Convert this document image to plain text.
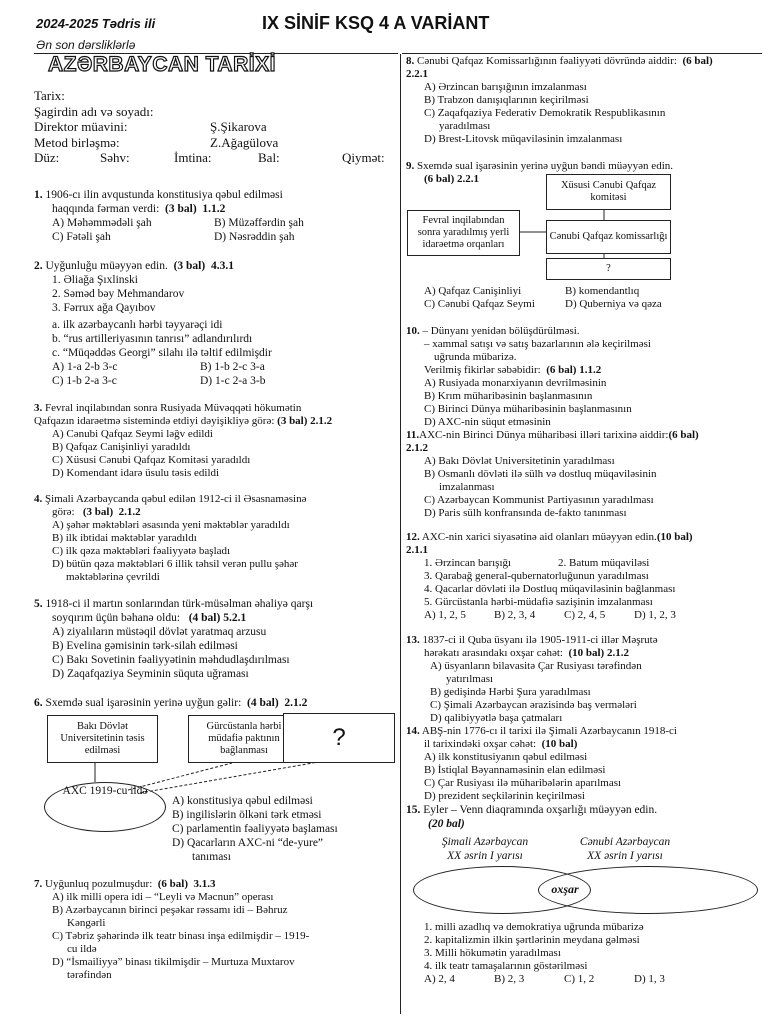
2024-2025 Tədris ili
Ən son dərsliklərlə
IX SİNİF KSQ 4 A VARİANT
AZƏRBAYCAN TARİXİ
Tarix:
Şagirdin adı və soyadı:
Direktor müavini:	Ş.Şikarova
Metod birləşmə:	Z.Ağagülova
Düz:	Səhv:	İmtina:	Bal:	Qiymət:
1. 1906-cı ilin avqustunda konstitusiya qəbul edilməsi
haqqında fərman verdi: (3 bal) 1.1.2
A) Məhəmmədəli şah	B) Müzəffərdin şah
C) Fətəli şah	D) Nəsrəddin şah
2. Uyğunluğu müəyyən edin. (3 bal) 4.3.1
1. Əliağa Şıxlinski
2. Səməd bəy Mehmandarov
3. Fərrux ağa Qayıbov
a. ilk azərbaycanlı hərbi təyyarəçi idi
b. “rus artilleriyasının tanrısı” adlandırılırdı
c. “Müqəddəs Georgi” silahı ilə təltif edilmişdir
A) 1-a 2-b 3-c	B) 1-b 2-c 3-a
C) 1-b 2-a 3-c	D) 1-c 2-a 3-b
3. Fevral inqilabından sonra Rusiyada Müvəqqəti hökumətin
Qafqazın idarəetmə sistemində etdiyi dəyişikliyə görə: (3 bal) 2.1.2
A) Cənubi Qafqaz Seymi ləğv edildi
B) Qafqaz Canişinliyi yaradıldı
C) Xüsusi Cənubi Qafqaz Komitəsi yaradıldı
D) Komendant idarə üsulu təsis edildi
4. Şimali Azərbaycanda qəbul edilən 1912-ci il Əsasnaməsinə
görə: (3 bal) 2.1.2
A) şəhər məktəbləri əsasında yeni məktəblər yaradıldı
B) ilk ibtidai məktəblər yaradıldı
C) ilk qəza məktəbləri fəaliyyətə başladı
D) bütün qəza məktəbləri 6 illik təhsil verən pullu şəhər
məktəblərinə çevrildi
5. 1918-ci il martın sonlarından türk-müsəlman əhaliyə qarşı
soyqırım üçün bəhanə oldu: (4 bal) 5.2.1
A) ziyalıların müstəqil dövlət yaratmaq arzusu
B) Evelina gəmisinin tərk-silah edilməsi
C) Bakı Sovetinin fəaliyyətinin məhdudlaşdırılması
D) Zaqafqaziya Seyminin süquta uğraması
6. Sxemdə sual işarəsinin yerinə uyğun gəlir: (4 bal) 2.1.2
Bakı Dövlət Universitetinin təsis edilməsi
Gürcüstanla hərbi müdafiə paktının bağlanması	?
AXC 1919-cu ildə
A) konstitusiya qəbul edilməsi
B) ingilislərin ölkəni tərk etməsi
C) parlamentin fəaliyyətə başlaması
D) Qacarların AXC-ni “de-yure”
tanıması
7. Uyğunluq pozulmuşdur: (6 bal) 3.1.3
A) ilk milli opera idi – “Leyli və Məcnun” operası
B) Azərbaycanın birinci peşəkar rəssamı idi – Bəhruz
Kəngərli
C) Təbriz şəhərində ilk teatr binası inşa edilmişdir – 1919-
cu ildə
D) “İsmailiyyə” binası tikilmişdir – Murtuza Muxtarov
tərəfindən
8. Cənubi Qafqaz Komissarlığının fəaliyyəti dövründə aiddir: (6 bal)
2.2.1
A) Ərzincan barışığının imzalanması
B) Trabzon danışıqlarının keçirilməsi
C) Zaqafqaziya Federativ Demokratik Respublikasının
yaradılması
D) Brest-Litovsk müqaviləsinin imzalanması
9. Sxemdə sual işarəsinin yerinə uyğun bəndi müəyyən edin.
(6 bal) 2.2.1
Xüsusi Cənubi Qafqaz komitəsi
Fevral inqilabından sonra yaradılmış yerli idarəetmə orqanları
Cənubi Qafqaz komissarlığı
?
A) Qafqaz Canişinliyi	B) komendantlıq
C) Cənubi Qafqaz Seymi	D) Quberniya və qəza
10. – Dünyanı yenidən bölüşdürülməsi.
– xammal satışı və satış bazarlarının ələ keçirilməsi
uğrunda mübarizə.
Verilmiş fikirlər səbəbidir: (6 bal) 1.1.2
A) Rusiyada monarxiyanın devrilməsinin
B) Krım müharibəsinin başlanmasının
C) Birinci Dünya müharibəsinin başlanmasının
D) AXC-nin süqut etməsinin
11.AXC-nin Birinci Dünya müharibəsi illəri tarixinə aiddir:(6 bal)
2.1.2
A) Bakı Dövlət Universitetinin yaradılması
B) Osmanlı dövləti ilə sülh və dostluq müqaviləsinin
imzalanması
C) Azərbaycan Kommunist Partiyasının yaradılması
D) Paris sülh konfransında de-fakto tanınması
12. AXC-nin xarici siyasətinə aid olanları müəyyən edin.(10 bal)
2.1.1
1. Ərzincan barışığı	2. Batum müqaviləsi
3. Qarabağ general-qubernatorluğunun yaradılması
4. Qacarlar dövləti ilə Dostluq müqaviləsinin bağlanması
5. Gürcüstanla hərbi-müdafiə sazişinin imzalanması
A) 1, 2, 5	B) 2, 3, 4	C) 2, 4, 5	D) 1, 2, 3
13. 1837-ci il Quba üsyanı ilə 1905-1911-ci illər Məşrutə
hərəkatı arasındakı oxşar cəhət: (10 bal) 2.1.2
A) üsyanların bilavasitə Çar Rusiyası tərəfindən
yatırılması
B) gedişində Hərbi Şura yaradılması
C) Şimali Azərbaycan ərazisində baş vermələri
D) qalibiyyətlə başa çatmaları
14. ABŞ-nin 1776-cı il tarixi ilə Şimali Azərbaycanın 1918-ci
il tarixindəki oxşar cəhət: (10 bal)
A) ilk konstitusiyanın qəbul edilməsi
B) İstiqlal Bəyannaməsinin elan edilməsi
C) Çar Rusiyası ilə müharibələrin aparılması
D) prezident seçkilərinin keçirilməsi
15. Eyler – Venn diaqramında oxşarlığı müəyyən edin.
(20 bal)
Şimali Azərbaycan
XX əsrin I yarısı
Cənubi Azərbaycan
XX əsrin I yarısı
oxşar
1. milli azadlıq və demokratiya uğrunda mübarizə
2. kapitalizmin ilkin şərtlərinin meydana gəlməsi
3. Milli hökumətin yaradılması
4. ilk teatr tamaşalarının göstərilməsi
A) 2, 4	B) 2, 3	C) 1, 2	D) 1, 3
